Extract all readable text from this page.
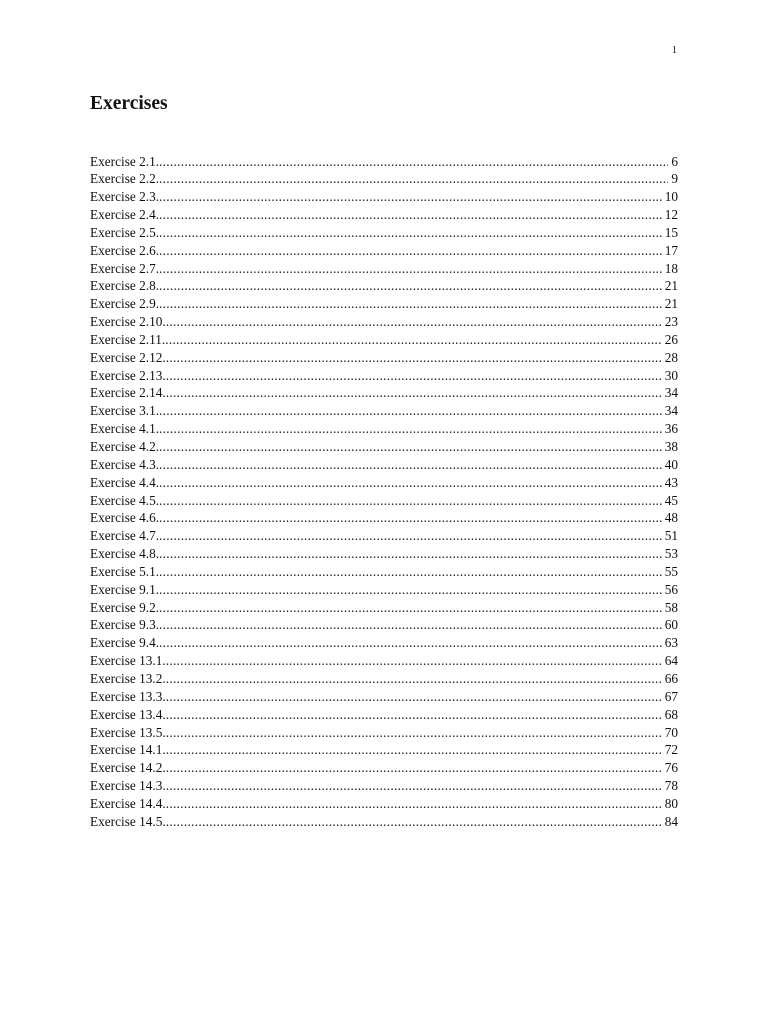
1
Exercises
Exercise 2.1. .....	6
Exercise 2.2. .....	9
Exercise 2.3. .....	10
Exercise 2.4. .....	12
Exercise 2.5. .....	15
Exercise 2.6. .....	17
Exercise 2.7. .....	18
Exercise 2.8. .....	21
Exercise 2.9. .....	21
Exercise 2.10. .....	23
Exercise 2.11. .....	26
Exercise 2.12. .....	28
Exercise 2.13. .....	30
Exercise 2.14. .....	34
Exercise 3.1. .....	34
Exercise 4.1. .....	36
Exercise 4.2. .....	38
Exercise 4.3. .....	40
Exercise 4.4. .....	43
Exercise 4.5. .....	45
Exercise 4.6. .....	48
Exercise 4.7. .....	51
Exercise 4.8. .....	53
Exercise 5.1. .....	55
Exercise 9.1. .....	56
Exercise 9.2. .....	58
Exercise 9.3. .....	60
Exercise 9.4. .....	63
Exercise 13.1. .....	64
Exercise 13.2. .....	66
Exercise 13.3. .....	67
Exercise 13.4. .....	68
Exercise 13.5. .....	70
Exercise 14.1. .....	72
Exercise 14.2. .....	76
Exercise 14.3. .....	78
Exercise 14.4. .....	80
Exercise 14.5. .....	84
